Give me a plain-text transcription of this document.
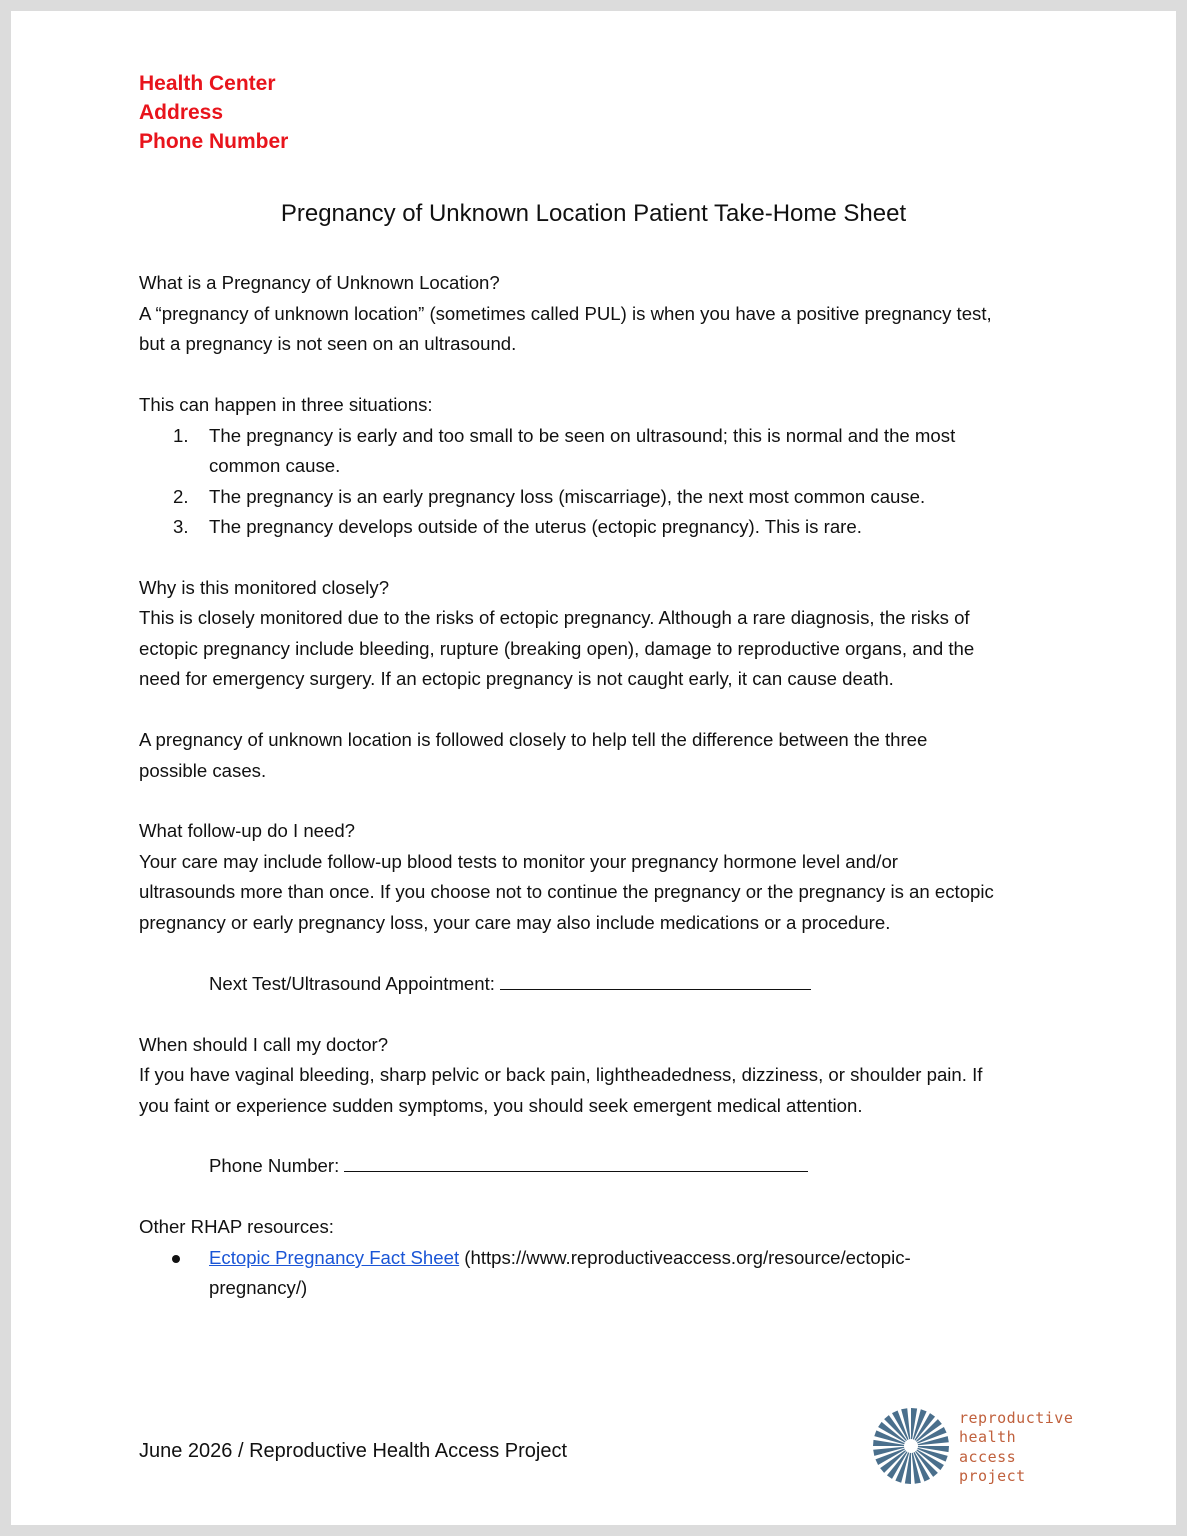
Health Center
Address
Phone Number
Pregnancy of Unknown Location Patient Take-Home Sheet
What is a Pregnancy of Unknown Location?
A “pregnancy of unknown location” (sometimes called PUL) is when you have a positive pregnancy test,
but a pregnancy is not seen on an ultrasound.
This can happen in three situations:
1. The pregnancy is early and too small to be seen on ultrasound; this is normal and the most
common cause.
2. The pregnancy is an early pregnancy loss (miscarriage), the next most common cause.
3. The pregnancy develops outside of the uterus (ectopic pregnancy). This is rare.
Why is this monitored closely?
This is closely monitored due to the risks of ectopic pregnancy. Although a rare diagnosis, the risks of
ectopic pregnancy include bleeding, rupture (breaking open), damage to reproductive organs, and the
need for emergency surgery. If an ectopic pregnancy is not caught early, it can cause death.
A pregnancy of unknown location is followed closely to help tell the difference between the three
possible cases.
What follow-up do I need?
Your care may include follow-up blood tests to monitor your pregnancy hormone level and/or
ultrasounds more than once. If you choose not to continue the pregnancy or the pregnancy is an ectopic
pregnancy or early pregnancy loss, your care may also include medications or a procedure.
Next Test/Ultrasound Appointment:
When should I call my doctor?
If you have vaginal bleeding, sharp pelvic or back pain, lightheadedness, dizziness, or shoulder pain. If
you faint or experience sudden symptoms, you should seek emergent medical attention.
Phone Number:
Other RHAP resources:
Ectopic Pregnancy Fact Sheet (https://www.reproductiveaccess.org/resource/ectopic-
pregnancy/)
June 2026 / Reproductive Health Access Project
reproductive
health
access
project
